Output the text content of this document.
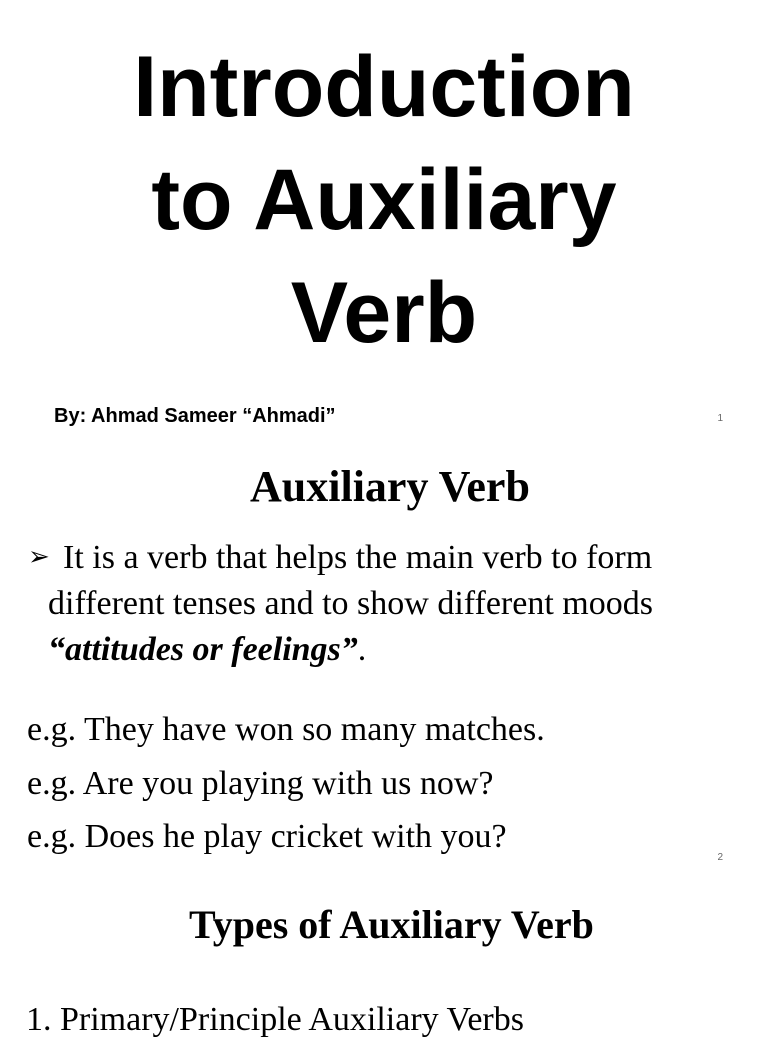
Introduction
to Auxiliary
Verb
By: Ahmad Sameer “Ahmadi”	1
Auxiliary Verb
➢ It is a verb that helps the main verb to form
different tenses and to show different moods
“attitudes or feelings”.
e.g. They have won so many matches.
e.g. Are you playing with us now?
e.g. Does he play cricket with you?
2
Types of Auxiliary Verb
1. Primary/Principle Auxiliary Verbs
